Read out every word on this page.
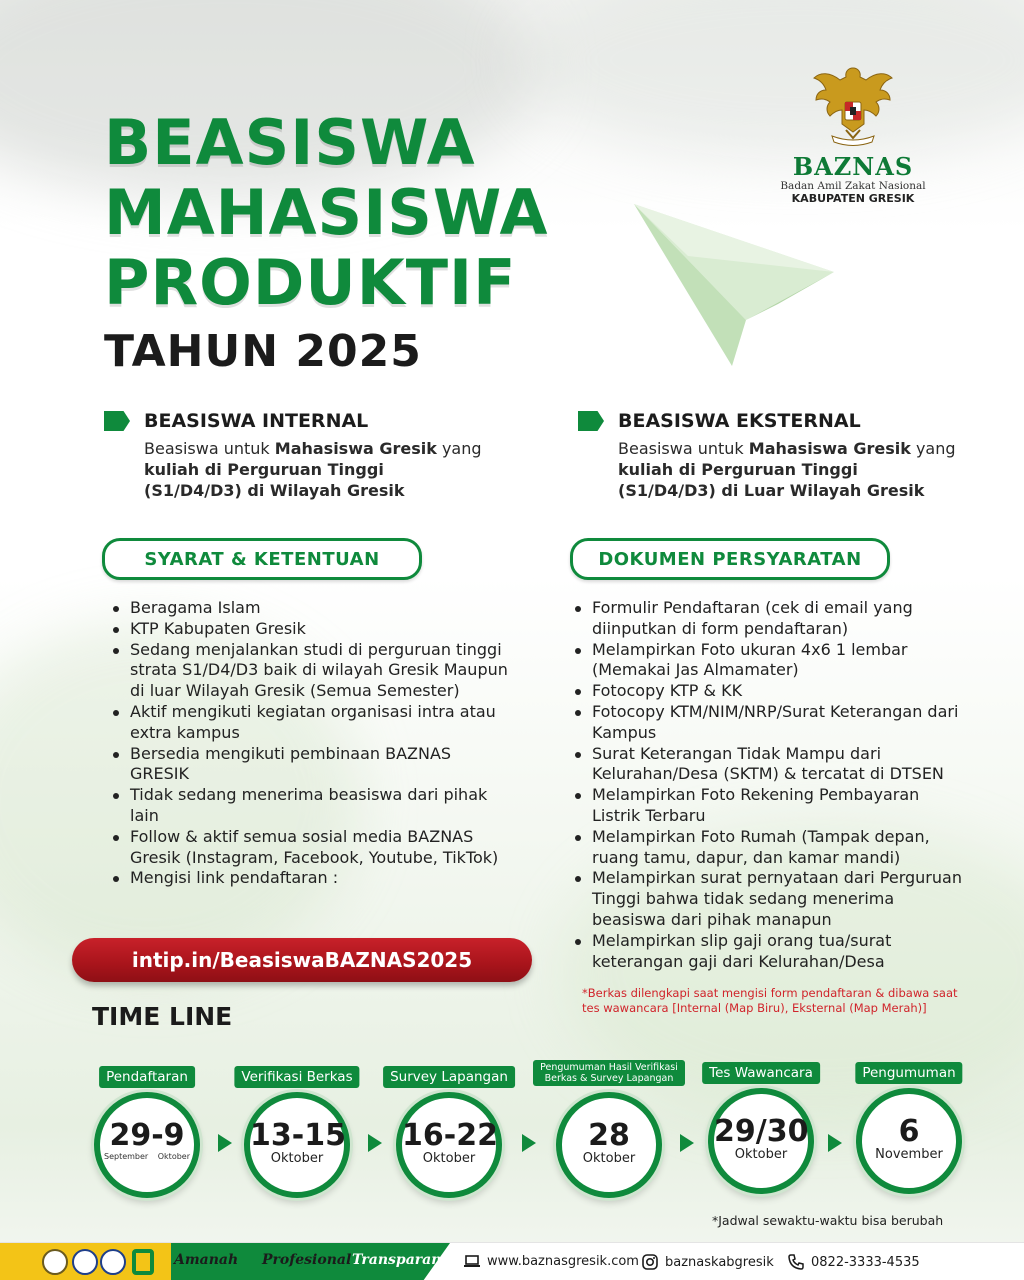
BEASISWA
MAHASISWA
PRODUKTIF
TAHUN 2025
BAZNAS
Badan Amil Zakat Nasional
KABUPATEN GRESIK
BEASISWA INTERNAL
Beasiswa untuk Mahasiswa Gresik yang kuliah di Perguruan Tinggi (S1/D4/D3) di Wilayah Gresik
BEASISWA EKSTERNAL
Beasiswa untuk Mahasiswa Gresik yang kuliah di Perguruan Tinggi (S1/D4/D3) di Luar Wilayah Gresik
SYARAT & KETENTUAN	DOKUMEN PERSYARATAN
Beragama Islam
KTP Kabupaten Gresik
Sedang menjalankan studi di perguruan tinggi strata S1/D4/D3 baik di wilayah Gresik Maupun di luar Wilayah Gresik (Semua Semester)
Aktif mengikuti kegiatan organisasi intra atau extra kampus
Bersedia mengikuti pembinaan BAZNAS GRESIK
Tidak sedang menerima beasiswa dari pihak lain
Follow & aktif semua sosial media BAZNAS Gresik (Instagram, Facebook, Youtube, TikTok)
Mengisi link pendaftaran :
Formulir Pendaftaran (cek di email yang diinputkan di form pendaftaran)
Melampirkan Foto ukuran 4x6 1 lembar (Memakai Jas Almamater)
Fotocopy KTP & KK
Fotocopy KTM/NIM/NRP/Surat Keterangan dari Kampus
Surat Keterangan Tidak Mampu dari Kelurahan/Desa (SKTM) & tercatat di DTSEN
Melampirkan Foto Rekening Pembayaran Listrik Terbaru
Melampirkan Foto Rumah (Tampak depan, ruang tamu, dapur, dan kamar mandi)
Melampirkan surat pernyataan dari Perguruan Tinggi bahwa tidak sedang menerima beasiswa dari pihak manapun
Melampirkan slip gaji orang tua/surat keterangan gaji dari Kelurahan/Desa
intip.in/BeasiswaBAZNAS2025
*Berkas dilengkapi saat mengisi form pendaftaran & dibawa saat tes wawancara [Internal (Map Biru), Eksternal (Map Merah)]
TIME LINE
Pendaftaran
29-9
September Oktober
Verifikasi Berkas
13-15
Oktober
Survey Lapangan
16-22
Oktober
Pengumuman Hasil Verifikasi Berkas & Survey Lapangan
28
Oktober
Tes Wawancara
29/30
Oktober
Pengumuman
6
November
*Jadwal sewaktu-waktu bisa berubah
Amanah Profesional Transparan	www.baznasgresik.com baznaskabgresik	0822-3333-4535
